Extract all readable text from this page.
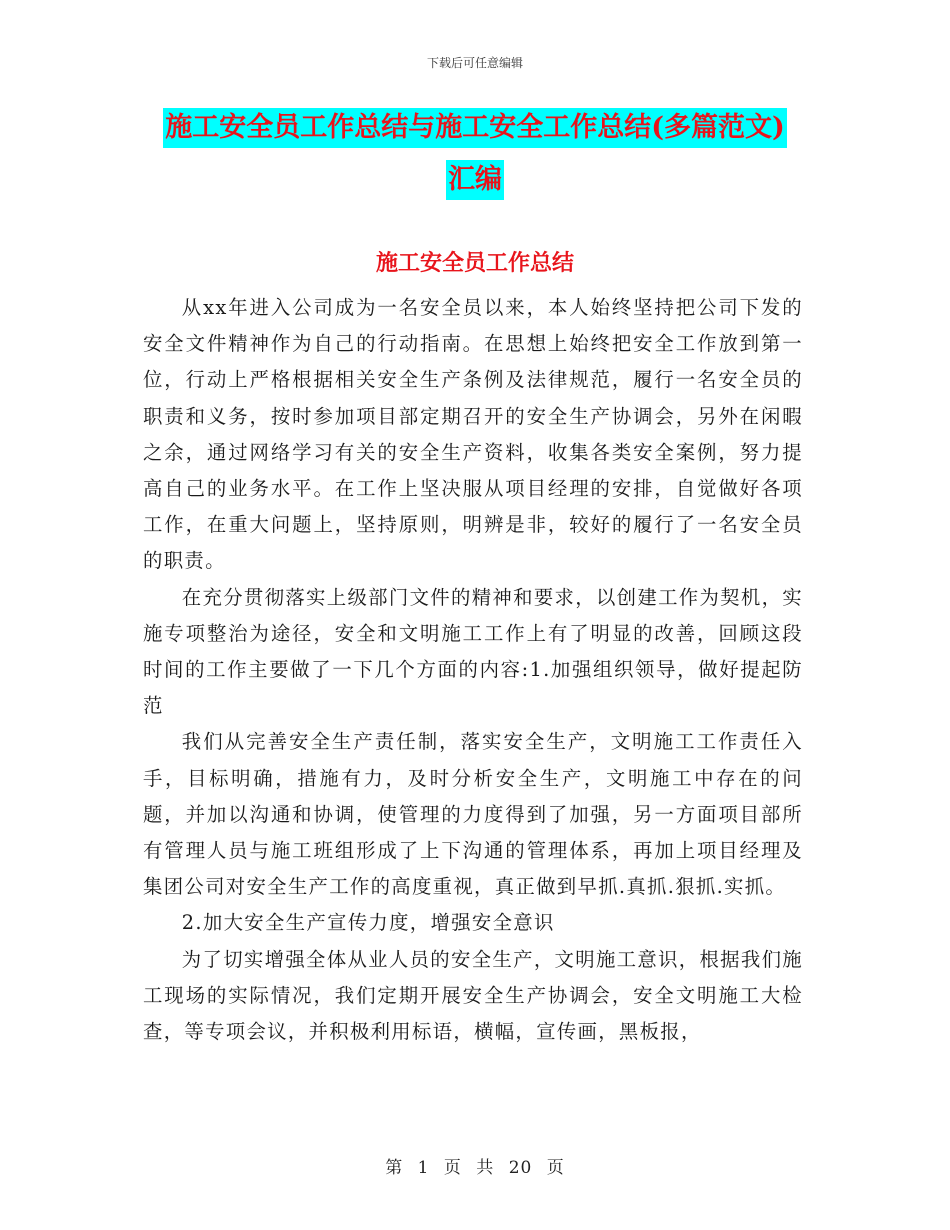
下载后可任意编辑
施工安全员工作总结与施工安全工作总结(多篇范文)
汇编
施工安全员工作总结

从xx年进入公司成为一名安全员以来，本人始终坚持把公司下发的安全文件精神作为自己的行动指南。在思想上始终把安全工作放到第一位，行动上严格根据相关安全生产条例及法律规范，履行一名安全员的职责和义务，按时参加项目部定期召开的安全生产协调会，另外在闲暇之余，通过网络学习有关的安全生产资料，收集各类安全案例，努力提高自己的业务水平。在工作上坚决服从项目经理的安排，自觉做好各项工作，在重大问题上，坚持原则，明辨是非，较好的履行了一名安全员的职责。

在充分贯彻落实上级部门文件的精神和要求，以创建工作为契机，实施专项整治为途径，安全和文明施工工作上有了明显的改善，回顾这段时间的工作主要做了一下几个方面的内容:1.加强组织领导，做好提起防范

我们从完善安全生产责任制，落实安全生产，文明施工工作责任入手，目标明确，措施有力，及时分析安全生产，文明施工中存在的问题，并加以沟通和协调，使管理的力度得到了加强，另一方面项目部所有管理人员与施工班组形成了上下沟通的管理体系，再加上项目经理及集团公司对安全生产工作的高度重视，真正做到早抓.真抓.狠抓.实抓。

2.加大安全生产宣传力度，增强安全意识

为了切实增强全体从业人员的安全生产，文明施工意识，根据我们施工现场的实际情况，我们定期开展安全生产协调会，安全文明施工大检查，等专项会议，并积极利用标语，横幅，宣传画，黑板报，

第 1 页 共 20 页
